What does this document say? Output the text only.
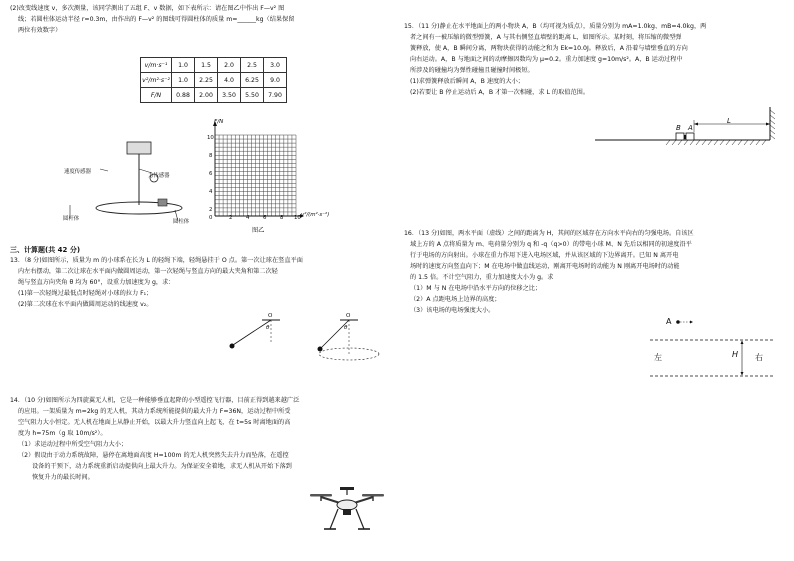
(2)改变线速度 v，多次测量，该同学测出了五组 F、v 数据，如下表所示：请在图乙中作出 F—v² 图
线；若圆柱体运动半径 r=0.3m，由作出的 F—v² 的图线可得圆柱体的质量 m=______kg（结果保留
两位有效数字）
v/m·s⁻¹	1.0	1.5	2.0	2.5	3.0
v²/m²·s⁻²	1.0	2.25	4.0	6.25	9.0
F/N	0.88	2.00	3.50	5.50	7.90
速度传感器
力传感器
圆杆体	圆柱体
F/N
v²/(m²·s⁻²)
图乙
10
8
6
4
2
0	2	4	6	8 10
三、计算题(共 42 分)
13．（8 分)如图所示，质量为 m 的小球系在长为 L 的轻绳下端，轻绳悬挂于 O 点。第一次让球在竖直平面
内左右摆动，第二次让球在水平面内做圆周运动，第一次轻绳与竖直方向的最大夹角和第二次轻
绳与竖直方向夹角 θ 均为 60°，设重力加速度为 g，求：
(1)第一次轻绳过最低点时轻绳对小球的拉力 F₁；
(2)第二次球在水平面内做圆周运动的线速度 v₂。
O	O
θ	θ
14．（10 分)如图所示为四旋翼无人机，它是一种能够垂直起降的小型遥控飞行器，目前正得到越来越广泛
的应用。一架质量为 m=2kg 的无人机，其动力系统所能提供的最大升力 F=36N，运动过程中所受
空气阻力大小恒定。无人机在地面上从静止开始，以最大升力竖直向上起飞，在 t=5s 时离地面的高
度为 h=75m（g 取 10m/s²）。
（1）求运动过程中所受空气阻力大小；
（2）假设由于动力系统故障，悬停在离地面高度 H=100m 的无人机突然失去升力而坠落，在遥控
设备的干预下，动力系统重新启动提供向上最大升力。为保证安全着地，求无人机从开始下落到
恢复升力的最长时间。
15．（11 分)静止在水平地面上的两小物块 A，B（均可视为质点），质量分别为 mA=1.0kg、mB=4.0kg，两
者之间有一被压缩的微型弹簧，A 与其右侧竖直墙壁的距离 L，如图所示。某时刻，将压缩的微型弹
簧释放，使 A，B 瞬间分离，两物块获得的动能之和为 Ek=10.0J。释放后，A 沿着与墙壁垂直的方向
向右运动。A，B 与地面之间的动摩擦因数均为 μ=0.2。重力加速度 g=10m/s²。A，B 运动过程中
所涉及的碰撞均为弹性碰撞且碰撞时间极短。
(1)求弹簧释放后瞬间 A，B 速度的大小；
(2)若要让 B 停止运动后 A，B 才第一次相碰，求 L 的取值范围。
B A
L
16．（13 分)如图，两水平面（虚线）之间的距离为 H，其间的区域存在方向水平向右的匀强电场。自该区
域上方的 A 点将质量为 m、电荷量分别为 q 和 -q（q>0）的带电小球 M、N 先后以相同的初速度沿平
行于电场的方向射出。小球在重力作用下进入电场区域，并从该区域的下边界离开。已知 N 离开电
场时的速度方向竖直向下；M 在电场中做直线运动，刚离开电场时的动能为 N 刚离开电场时的动能
的 1.5 倍。不计空气阻力，重力加速度大小为 g。求
（1）M 与 N 在电场中沿水平方向的位移之比；
（2）A 点距电场上边界的高度；
（3）该电场的电场强度大小。
A
左	右
H
